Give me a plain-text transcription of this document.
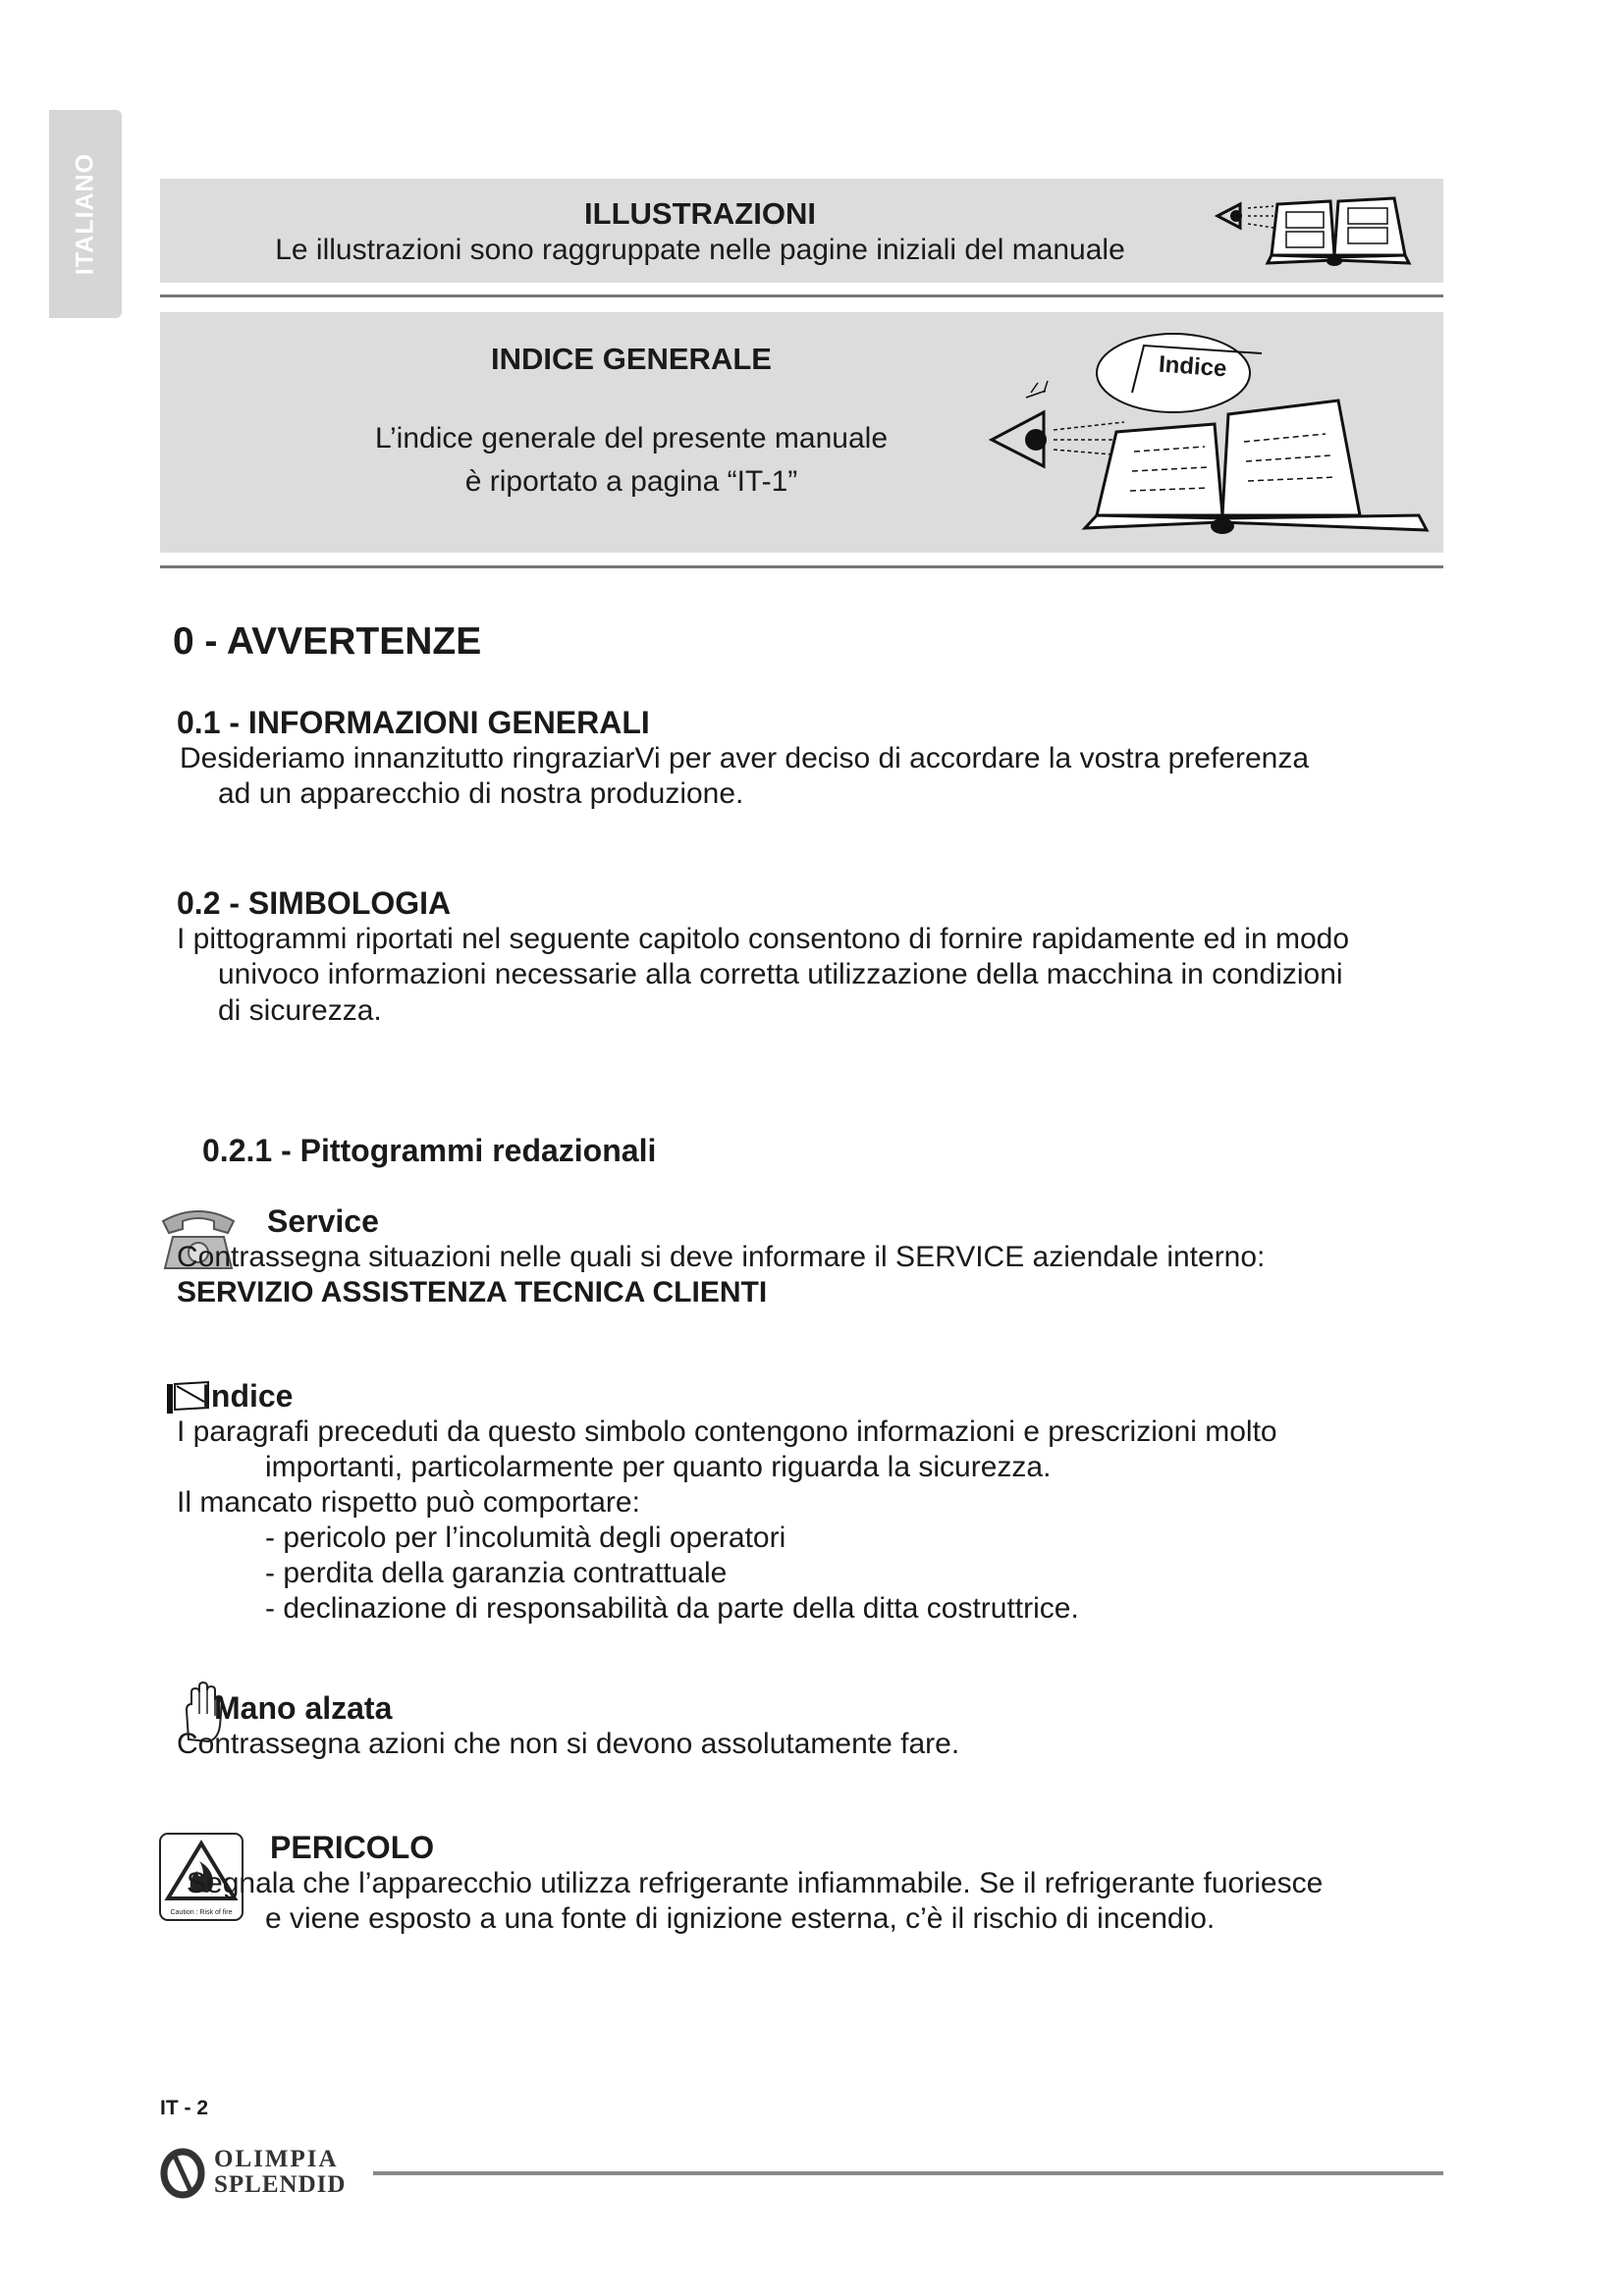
ITALIANO	ILLUSTRAZIONI
Le illustrazioni sono raggruppate nelle pagine iniziali del manuale
INDICE GENERALE
L’indice generale del presente manuale
è riportato a pagina “IT-1”
Indice
0 - AVVERTENZE
0.1 - INFORMAZIONI GENERALI
Desideriamo innanzitutto ringraziarVi per aver deciso di accordare la vostra preferenza
ad un apparecchio di nostra produzione.
0.2 - SIMBOLOGIA
I pittogrammi riportati nel seguente capitolo consentono di fornire rapidamente ed in modo
univoco informazioni necessarie alla corretta utilizzazione della macchina in condizioni
di sicurezza.
0.2.1 - Pittogrammi redazionali
Service
Contrassegna situazioni nelle quali si deve informare il SERVICE aziendale interno:
SERVIZIO ASSISTENZA TECNICA CLIENTI
Indice
I paragrafi preceduti da questo simbolo contengono informazioni e prescrizioni molto
importanti, particolarmente per quanto riguarda la sicurezza.
Il mancato rispetto può comportare:
- pericolo per l’incolumità degli operatori
- perdita della garanzia contrattuale
- declinazione di responsabilità da parte della ditta costruttrice.
Mano alzata
Contrassegna azioni che non si devono assolutamente fare.
Caution : Risk of fire
PERICOLO
Segnala che l’apparecchio utilizza refrigerante infiammabile. Se il refrigerante fuoriesce
e viene esposto a una fonte di ignizione esterna, c’è il rischio di incendio.
IT - 2
OLIMPIA
SPLENDID
